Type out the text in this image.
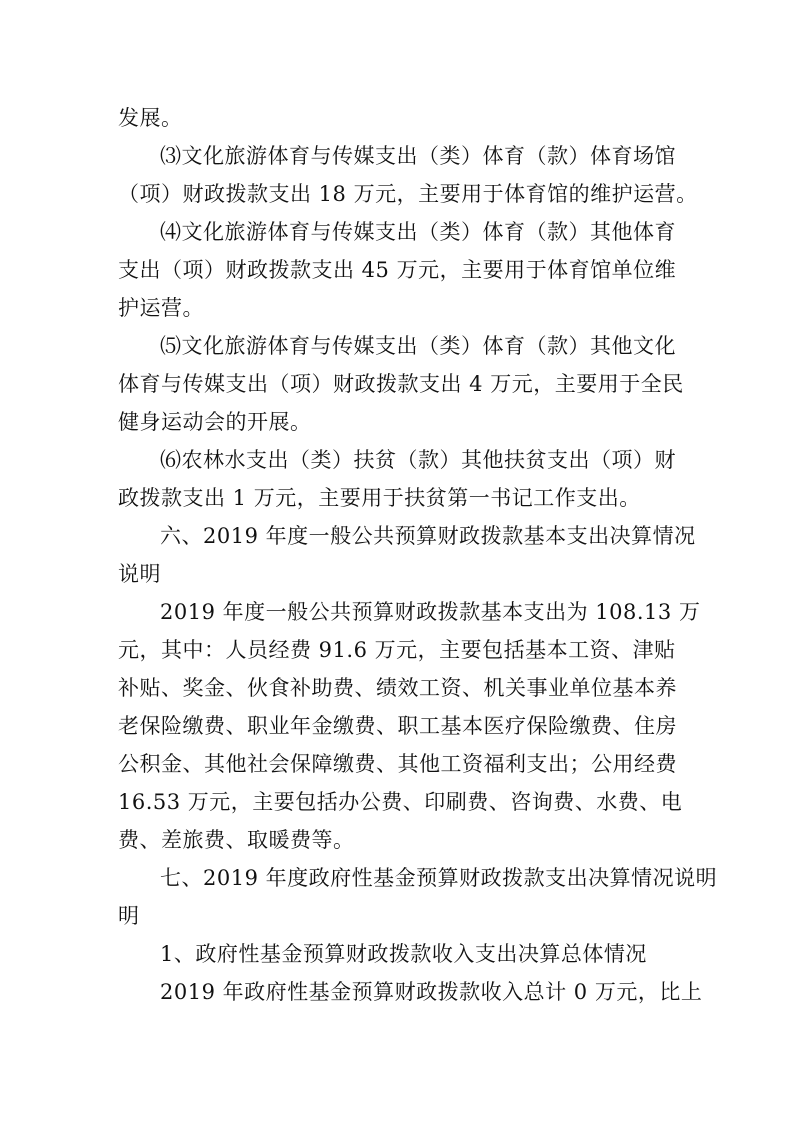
发展。
⑶文化旅游体育与传媒支出（类）体育（款）体育场馆
（项）财政拨款支出 18 万元，主要用于体育馆的维护运营。
⑷文化旅游体育与传媒支出（类）体育（款）其他体育
支出（项）财政拨款支出 45 万元，主要用于体育馆单位维
护运营。
⑸文化旅游体育与传媒支出（类）体育（款）其他文化
体育与传媒支出（项）财政拨款支出 4 万元，主要用于全民
健身运动会的开展。
⑹农林水支出（类）扶贫（款）其他扶贫支出（项）财
政拨款支出 1 万元，主要用于扶贫第一书记工作支出。
六、2019 年度一般公共预算财政拨款基本支出决算情况
说明
2019 年度一般公共预算财政拨款基本支出为 108.13 万
元，其中：人员经费 91.6 万元，主要包括基本工资、津贴
补贴、奖金、伙食补助费、绩效工资、机关事业单位基本养
老保险缴费、职业年金缴费、职工基本医疗保险缴费、住房
公积金、其他社会保障缴费、其他工资福利支出；公用经费
16.53 万元，主要包括办公费、印刷费、咨询费、水费、电
费、差旅费、取暖费等。
七、2019 年度政府性基金预算财政拨款支出决算情况说明
明
1、政府性基金预算财政拨款收入支出决算总体情况
2019 年政府性基金预算财政拨款收入总计 0 万元，比上
